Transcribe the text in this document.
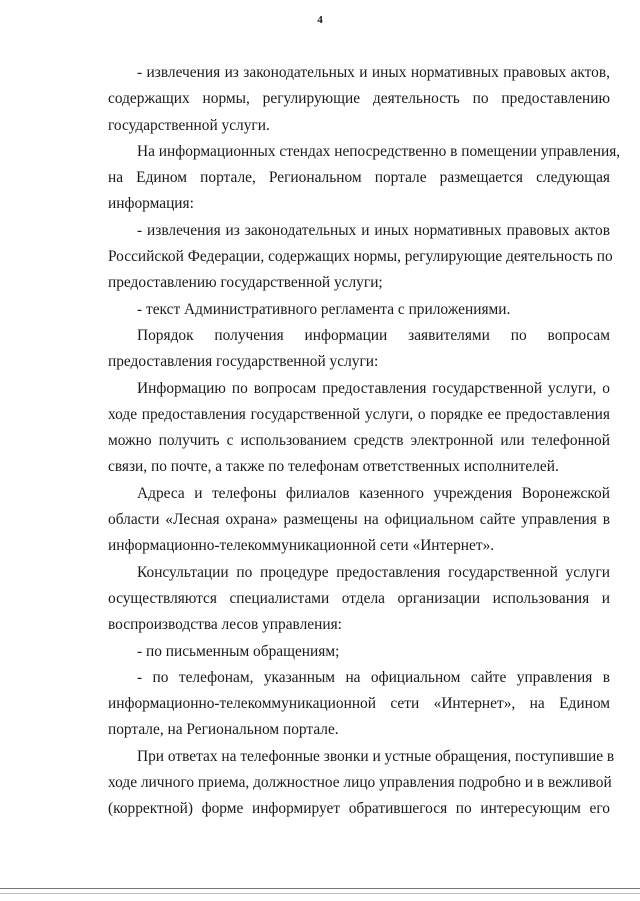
4
- извлечения из законодательных и иных нормативных правовых актов,
содержащих нормы, регулирующие деятельность по предоставлению
государственной услуги.
На информационных стендах непосредственно в помещении управления,
на Едином портале, Региональном портале размещается следующая
информация:
- извлечения из законодательных и иных нормативных правовых актов
Российской Федерации, содержащих нормы, регулирующие деятельность по
предоставлению государственной услуги;
- текст Административного регламента с приложениями.
Порядок получения информации заявителями по вопросам
предоставления государственной услуги:
Информацию по вопросам предоставления государственной услуги, о
ходе предоставления государственной услуги, о порядке ее предоставления
можно получить с использованием средств электронной или телефонной
связи, по почте, а также по телефонам ответственных исполнителей.
Адреса и телефоны филиалов казенного учреждения Воронежской
области «Лесная охрана» размещены на официальном сайте управления в
информационно-телекоммуникационной сети «Интернет».
Консультации по процедуре предоставления государственной услуги
осуществляются специалистами отдела организации использования и
воспроизводства лесов управления:
- по письменным обращениям;
- по телефонам, указанным на официальном сайте управления в
информационно-телекоммуникационной сети «Интернет», на Едином
портале, на Региональном портале.
При ответах на телефонные звонки и устные обращения, поступившие в
ходе личного приема, должностное лицо управления подробно и в вежливой
(корректной) форме информирует обратившегося по интересующим его
